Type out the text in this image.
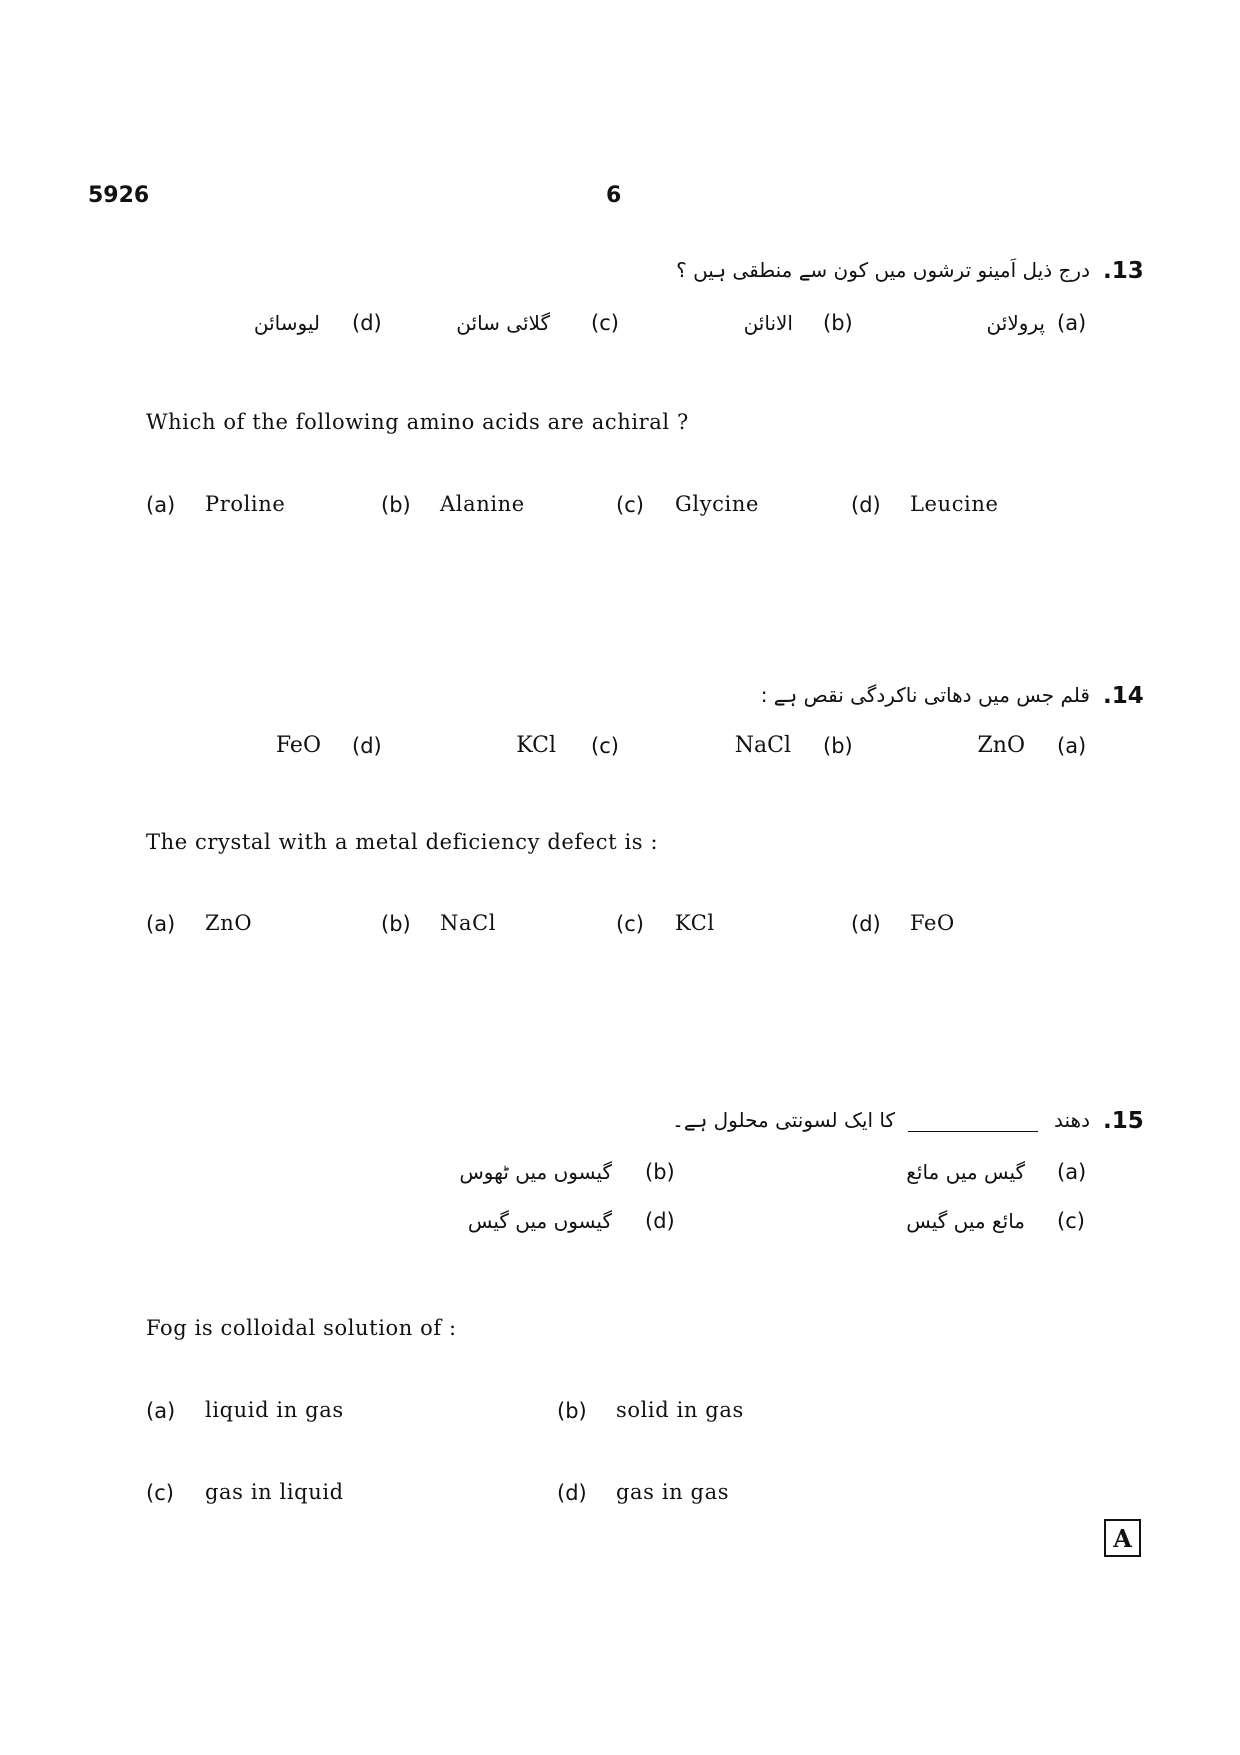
5926	6
.13
درج ذیل اَمینو ترشوں میں کون سے منطقی ہیں ؟
(a)
پرولائن
(b)
الانائن
(c)
گلائی سائن
(d)
لیوسائن
Which of the following amino acids are achiral ?
(a) Proline	(b) Alanine	(c) Glycine	(d) Leucine
.14
قلم جس میں دھاتی ناکردگی نقص ہے :
(a)
ZnO
(b)
NaCl
(c)
KCl
(d)
FeO
The crystal with a metal deficiency defect is :
(a) ZnO	(b) NaCl	(c) KCl	(d) FeO
.15
دھند
کا ایک لسونتی محلول ہے۔
(a)
گیس میں مائع
(b)
گیسوں میں ٹھوس
(c)
مائع میں گیس
(d)
گیسوں میں گیس
Fog is colloidal solution of :
(a) liquid in gas	(b) solid in gas
(c) gas in liquid	(d) gas in gas
A
